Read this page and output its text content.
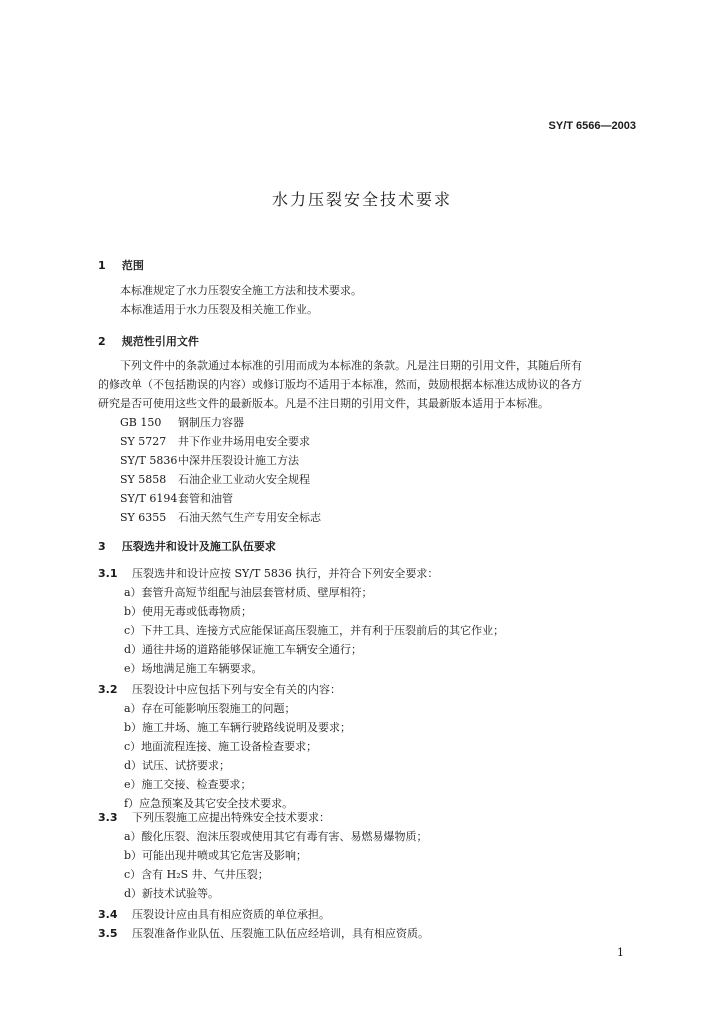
SY/T 6566—2003
水力压裂安全技术要求
1 范围
本标准规定了水力压裂安全施工方法和技术要求。
本标准适用于水力压裂及相关施工作业。
2 规范性引用文件
下列文件中的条款通过本标准的引用而成为本标准的条款。凡是注日期的引用文件，其随后所有
的修改单（不包括勘误的内容）或修订版均不适用于本标准，然而，鼓励根据本标准达成协议的各方
研究是否可使用这些文件的最新版本。凡是不注日期的引用文件，其最新版本适用于本标准。
GB 150 钢制压力容器
SY 5727 井下作业井场用电安全要求
SY/T 5836中深井压裂设计施工方法
SY 5858 石油企业工业动火安全规程
SY/T 6194套管和油管
SY 6355 石油天然气生产专用安全标志
3 压裂选井和设计及施工队伍要求
3.1 压裂选井和设计应按 SY/T 5836 执行，并符合下列安全要求：
a）套管升高短节组配与油层套管材质、壁厚相符；
b）使用无毒或低毒物质；
c）下井工具、连接方式应能保证高压裂施工，并有利于压裂前后的其它作业；
d）通往井场的道路能够保证施工车辆安全通行；
e）场地满足施工车辆要求。
3.2 压裂设计中应包括下列与安全有关的内容：
a）存在可能影响压裂施工的问题；
b）施工井场、施工车辆行驶路线说明及要求；
c）地面流程连接、施工设备检查要求；
d）试压、试挤要求；
e）施工交接、检查要求；
f）应急预案及其它安全技术要求。
3.3 下列压裂施工应提出特殊安全技术要求：
a）酸化压裂、泡沫压裂或使用其它有毒有害、易燃易爆物质；
b）可能出现井喷或其它危害及影响；
c）含有 H₂S 井、气井压裂；
d）新技术试验等。
3.4 压裂设计应由具有相应资质的单位承担。
3.5 压裂准备作业队伍、压裂施工队伍应经培训，具有相应资质。
1
